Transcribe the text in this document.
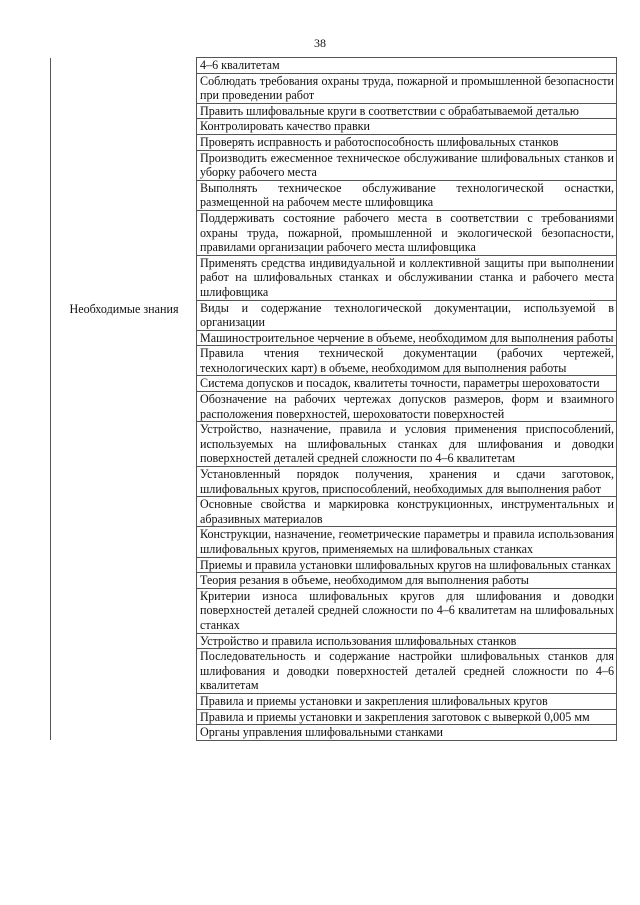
38
	4–6 квалитетам
	Соблюдать требования охраны труда, пожарной и промышленной безопасности при проведении работ
	Править шлифовальные круги в соответствии с обрабатываемой деталью
	Контролировать качество правки
	Проверять исправность и работоспособность шлифовальных станков
	Производить ежесменное техническое обслуживание шлифовальных станков и уборку рабочего места
	Выполнять техническое обслуживание технологической оснастки, размещенной на рабочем месте шлифовщика
	Поддерживать состояние рабочего места в соответствии с требованиями охраны труда, пожарной, промышленной и экологической безопасности, правилами организации рабочего места шлифовщика
	Применять средства индивидуальной и коллективной защиты при выполнении работ на шлифовальных станках и обслуживании станка и рабочего места шлифовщика
Необходимые знания	Виды и содержание технологической документации, используемой в организации
	Машиностроительное черчение в объеме, необходимом для выполнения работы
	Правила чтения технической документации (рабочих чертежей, технологических карт) в объеме, необходимом для выполнения работы
	Система допусков и посадок, квалитеты точности, параметры шероховатости
	Обозначение на рабочих чертежах допусков размеров, форм и взаимного расположения поверхностей, шероховатости поверхностей
	Устройство, назначение, правила и условия применения приспособлений, используемых на шлифовальных станках для шлифования и доводки поверхностей деталей средней сложности по 4–6 квалитетам
	Установленный порядок получения, хранения и сдачи заготовок, шлифовальных кругов, приспособлений, необходимых для выполнения работ
	Основные свойства и маркировка конструкционных, инструментальных и абразивных материалов
	Конструкции, назначение, геометрические параметры и правила использования шлифовальных кругов, применяемых на шлифовальных станках
	Приемы и правила установки шлифовальных кругов на шлифовальных станках
	Теория резания в объеме, необходимом для выполнения работы
	Критерии износа шлифовальных кругов для шлифования и доводки поверхностей деталей средней сложности по 4–6 квалитетам на шлифовальных станках
	Устройство и правила использования шлифовальных станков
	Последовательность и содержание настройки шлифовальных станков для шлифования и доводки поверхностей деталей средней сложности по 4–6 квалитетам
	Правила и приемы установки и закрепления шлифовальных кругов
	Правила и приемы установки и закрепления заготовок с выверкой 0,005 мм
	Органы управления шлифовальными станками
